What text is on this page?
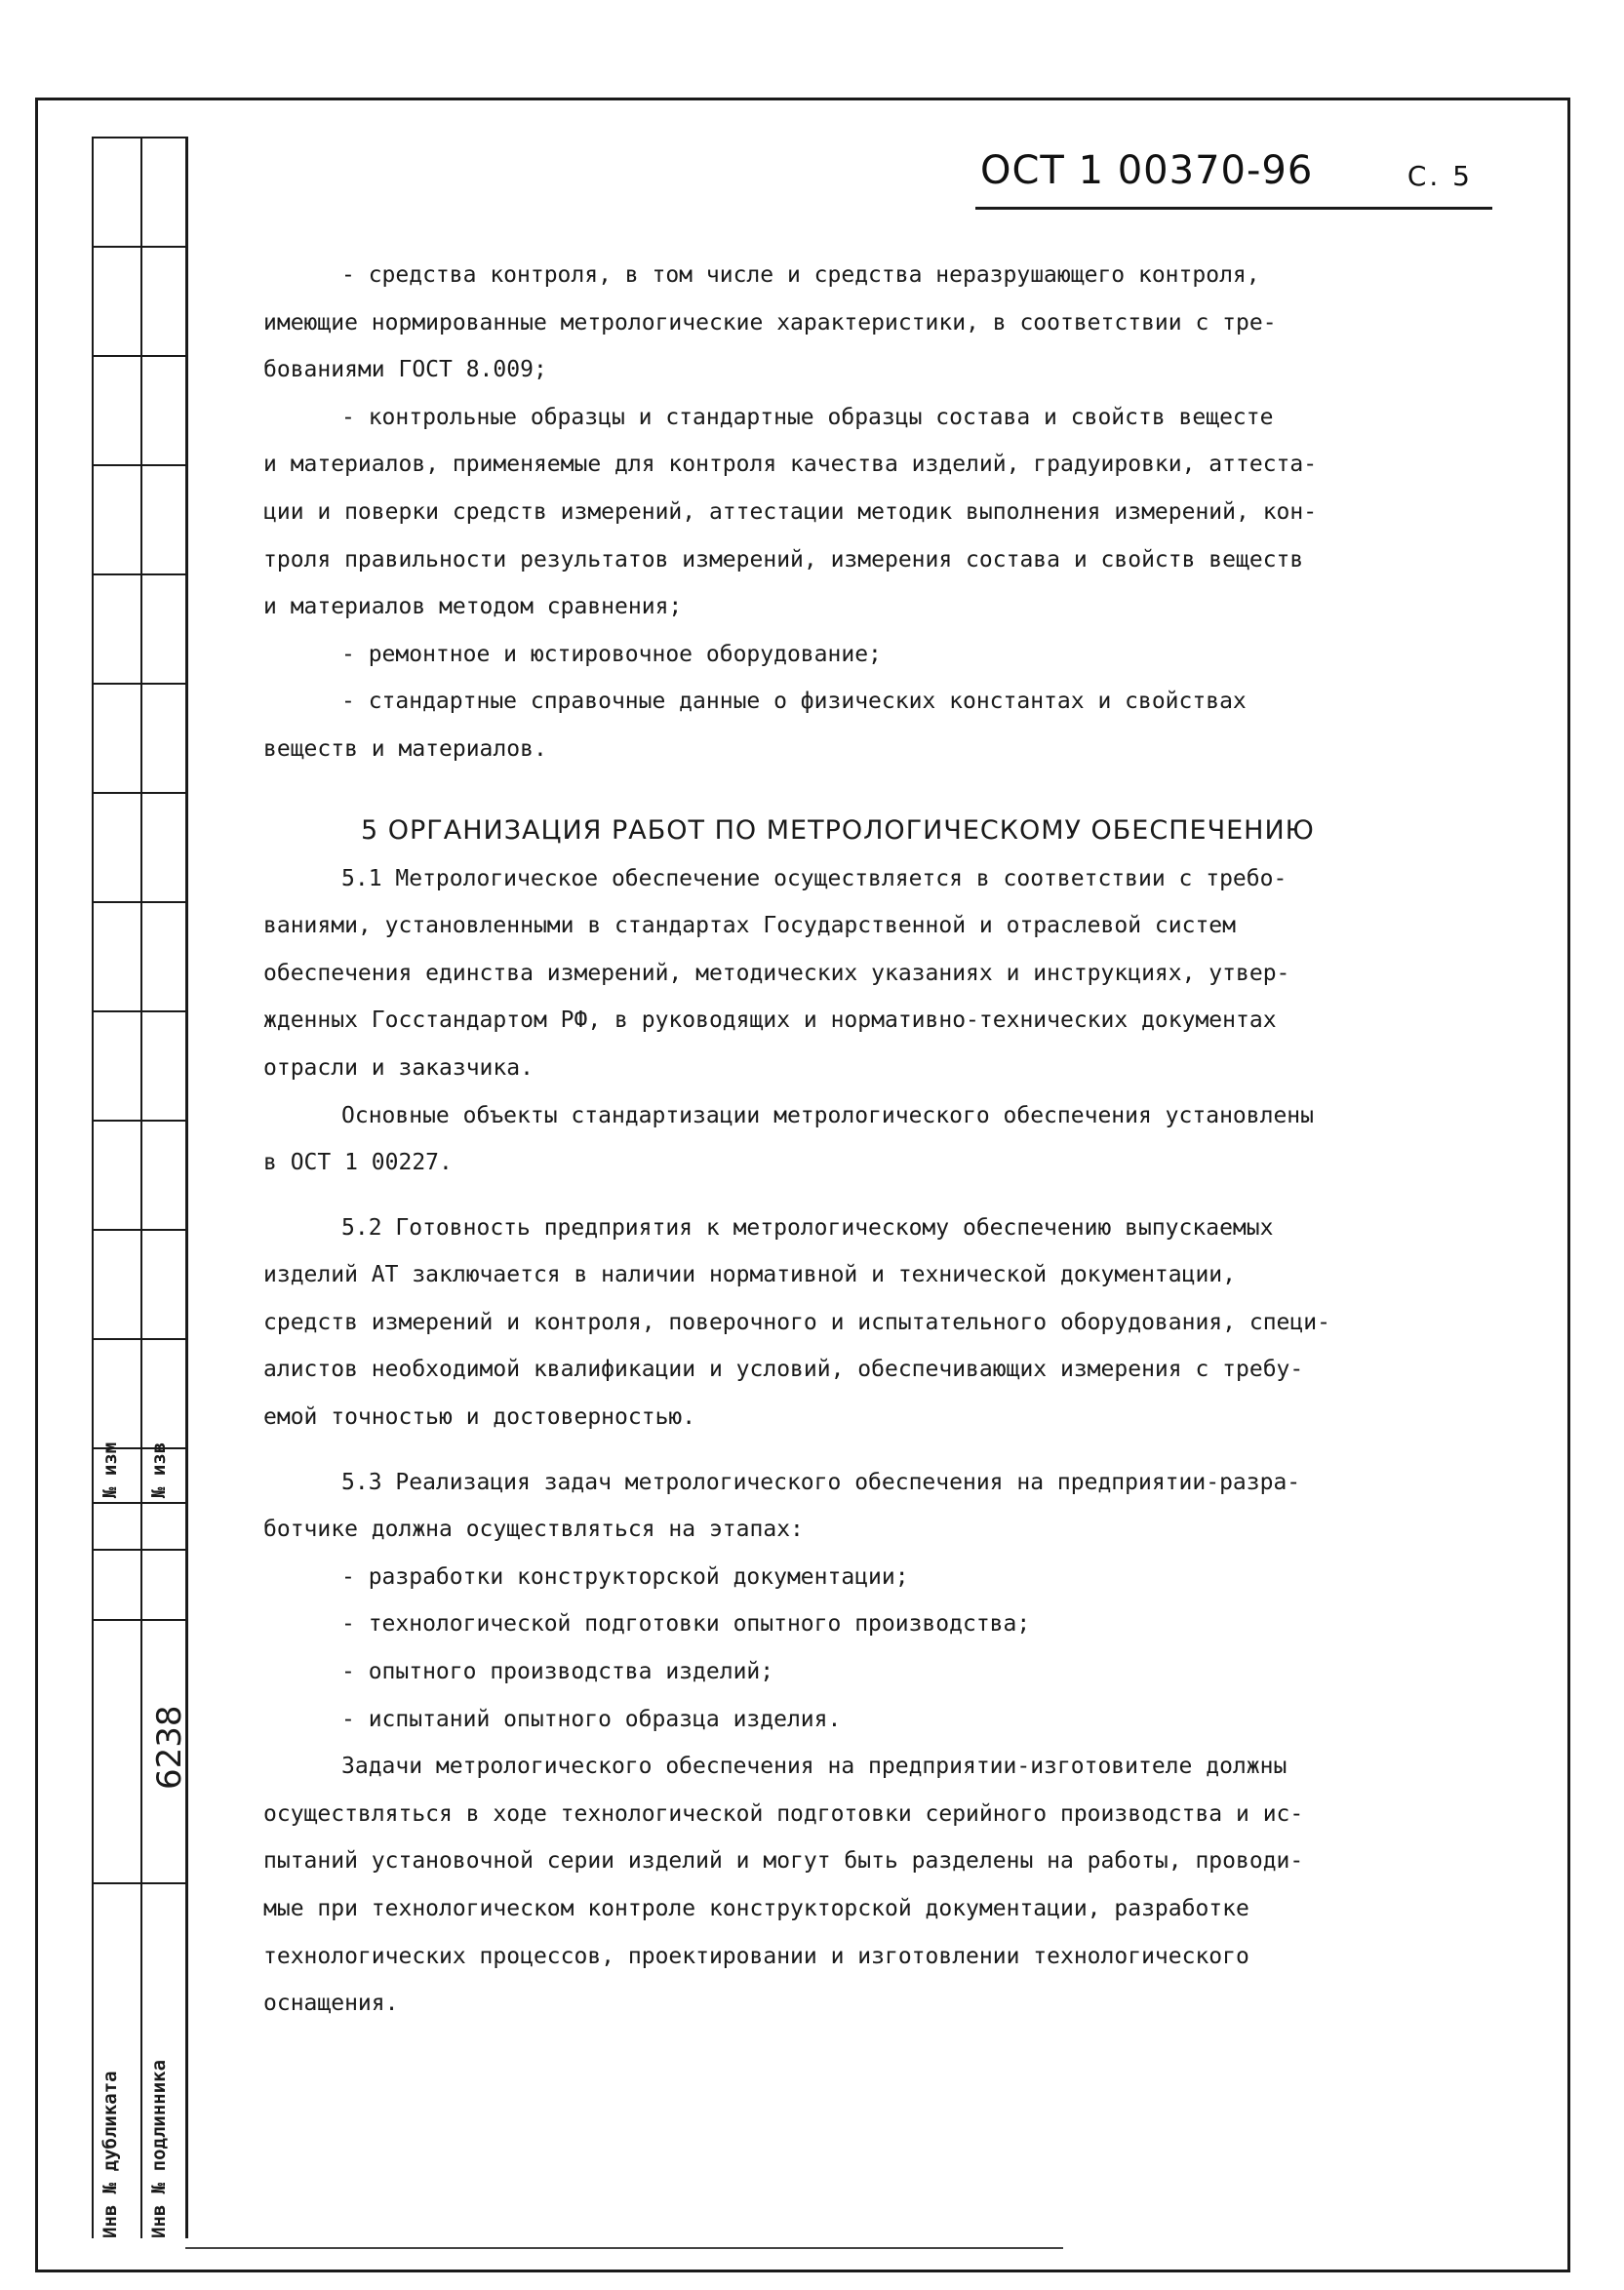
№ изм № изв
6238
Инв № дубликата Инв № подлинника
ОСТ 1 00370-96	С. 5

- средства контроля, в том числе и средства неразрушающего контроля,
имеющие нормированные метрологические характеристики, в соответствии с тре-
бованиями ГОСТ 8.009;

- контрольные образцы и стандартные образцы состава и свойств вещесте
и материалов, применяемые для контроля качества изделий, градуировки, аттеста-
ции и поверки средств измерений, аттестации методик выполнения измерений, кон-
троля правильности результатов измерений, измерения состава и свойств веществ
и материалов методом сравнения;

- ремонтное и юстировочное оборудование;

- стандартные справочные данные о физических константах и свойствах
веществ и материалов.

5 ОРГАНИЗАЦИЯ РАБОТ ПО МЕТРОЛОГИЧЕСКОМУ ОБЕСПЕЧЕНИЮ

5.1 Метрологическое обеспечение осуществляется в соответствии с требо-
ваниями, установленными в стандартах Государственной и отраслевой систем
обеспечения единства измерений, методических указаниях и инструкциях, утвер-
жденных Госстандартом РФ, в руководящих и нормативно-технических документах
отрасли и заказчика.

Основные объекты стандартизации метрологического обеспечения установлены
в ОСТ 1 00227.

5.2 Готовность предприятия к метрологическому обеспечению выпускаемых
изделий АТ заключается в наличии нормативной и технической документации,
средств измерений и контроля, поверочного и испытательного оборудования, специ-
алистов необходимой квалификации и условий, обеспечивающих измерения с требу-
емой точностью и достоверностью.

5.3 Реализация задач метрологического обеспечения на предприятии-разра-
ботчике должна осуществляться на этапах:

- разработки конструкторской документации;

- технологической подготовки опытного производства;

- опытного производства изделий;

- испытаний опытного образца изделия.

Задачи метрологического обеспечения на предприятии-изготовителе должны
осуществляться в ходе технологической подготовки серийного производства и ис-
пытаний установочной серии изделий и могут быть разделены на работы, проводи-
мые при технологическом контроле конструкторской документации, разработке
технологических процессов, проектировании и изготовлении технологического
оснащения.
